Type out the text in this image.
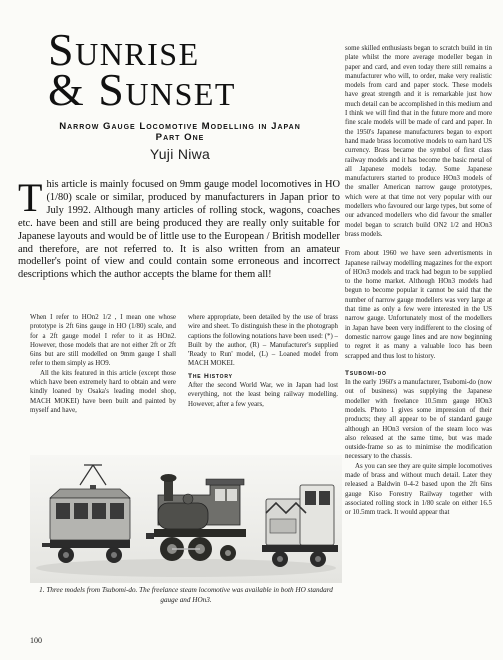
Sunrise
& Sunset
Narrow Gauge Locomotive Modelling in Japan
Part One
Yuji Niwa

This article is mainly focused on 9mm gauge model locomotives in HO (1/80) scale or similar, produced by manufacturers in Japan prior to July 1992. Although many articles of rolling stock, wagons, coaches etc. have been and still are being produced they are really only suitable for Japanese layouts and would be of little use to the European / British modeller and therefore, are not referred to. It is also written from an amateur modeller's point of view and could contain some erroneous and incorrect descriptions which the author accepts the blame for them all!

When I refer to HOn2 1/2 , I mean one whose prototype is 2ft 6ins gauge in HO (1/80) scale, and for a 2ft gauge model I refer to it as HOn2. However, those models that are not either 2ft or 2ft 6ins but are still modelled on 9mm gauge I shall refer to them simply as HO9.

All the kits featured in this article (except those which have been extremely hard to obtain and were kindly loaned by Osaka's leading model shop, MACH MOKEI) have been built and painted by myself and have,

where appropriate, been detailed by the use of brass wire and sheet. To distinguish these in the photograph captions the following notations have been used: (*) – Built by the author, (R) – Manufacturer's supplied 'Ready to Run' model, (L) – Loaned model from MACH MOKEI.

The History

After the second World War, we in Japan had lost everything, not the least being railway modelling. However, after a few years,

some skilled enthusiasts began to scratch build in tin plate whilst the more average modeller began in paper and card, and even today there still remains a manufacturer who will, to order, make very realistic models from card and paper stock. These models have great strength and it is remarkable just how much detail can be accomplished in this medium and I think we will find that in the future more and more fine scale models will be made of card and paper. In the 1950's Japanese manufacturers began to export hand made brass locomotive models to earn hard US currency. Brass became the symbol of first class railway models and it has become the basic metal of all Japanese models today. Some Japanese manufacturers started to produce HOn3 models of the smaller American narrow gauge prototypes, which were at that time not very popular with our modellers who favoured our large types, but some of our advanced modellers who did favour the smaller model began to scratch build ON2 1/2 and HOn3 brass models.

From about 1960 we have seen advertisments in Japanese railway modelling magazines for the export of HOn3 models and track had begun to be supplied to the home market. Although HOn3 models had begun to become popular it cannot be said that the number of narrow gauge modellers was very large at that time as only a few were interested in the US narrow gauge. Unfortunately most of the modellers in Japan have been very indifferent to the closing of domestic narrow gauge lines and are now beginning to regret it as many a valuable loco has been scrapped and thus lost to history.

Tsubomi-do

In the early 1960's a manufacturer, Tsubomi-do (now out of business) was supplying the Japanese modeller with freelance 10.5mm gauge HOn3 models. Photo 1 gives some impression of their products; they all appear to be of standard gauge although an HOn3 version of the steam loco was also released at the same time, but was made outside-frame so as to minimise the modification necessary to the chassis.

As you can see they are quite simple locomotives made of brass and without much detail. Later they released a Baldwin 0-4-2 based upon the 2ft 6ins gauge Kiso Forestry Railway together with associated rolling stock in 1/80 scale on either 16.5 or 10.5mm track. It would appear that

1. Three models from Tsubomi-do. The freelance steam locomotive was available in both HO standard gauge and HOn3.

100
